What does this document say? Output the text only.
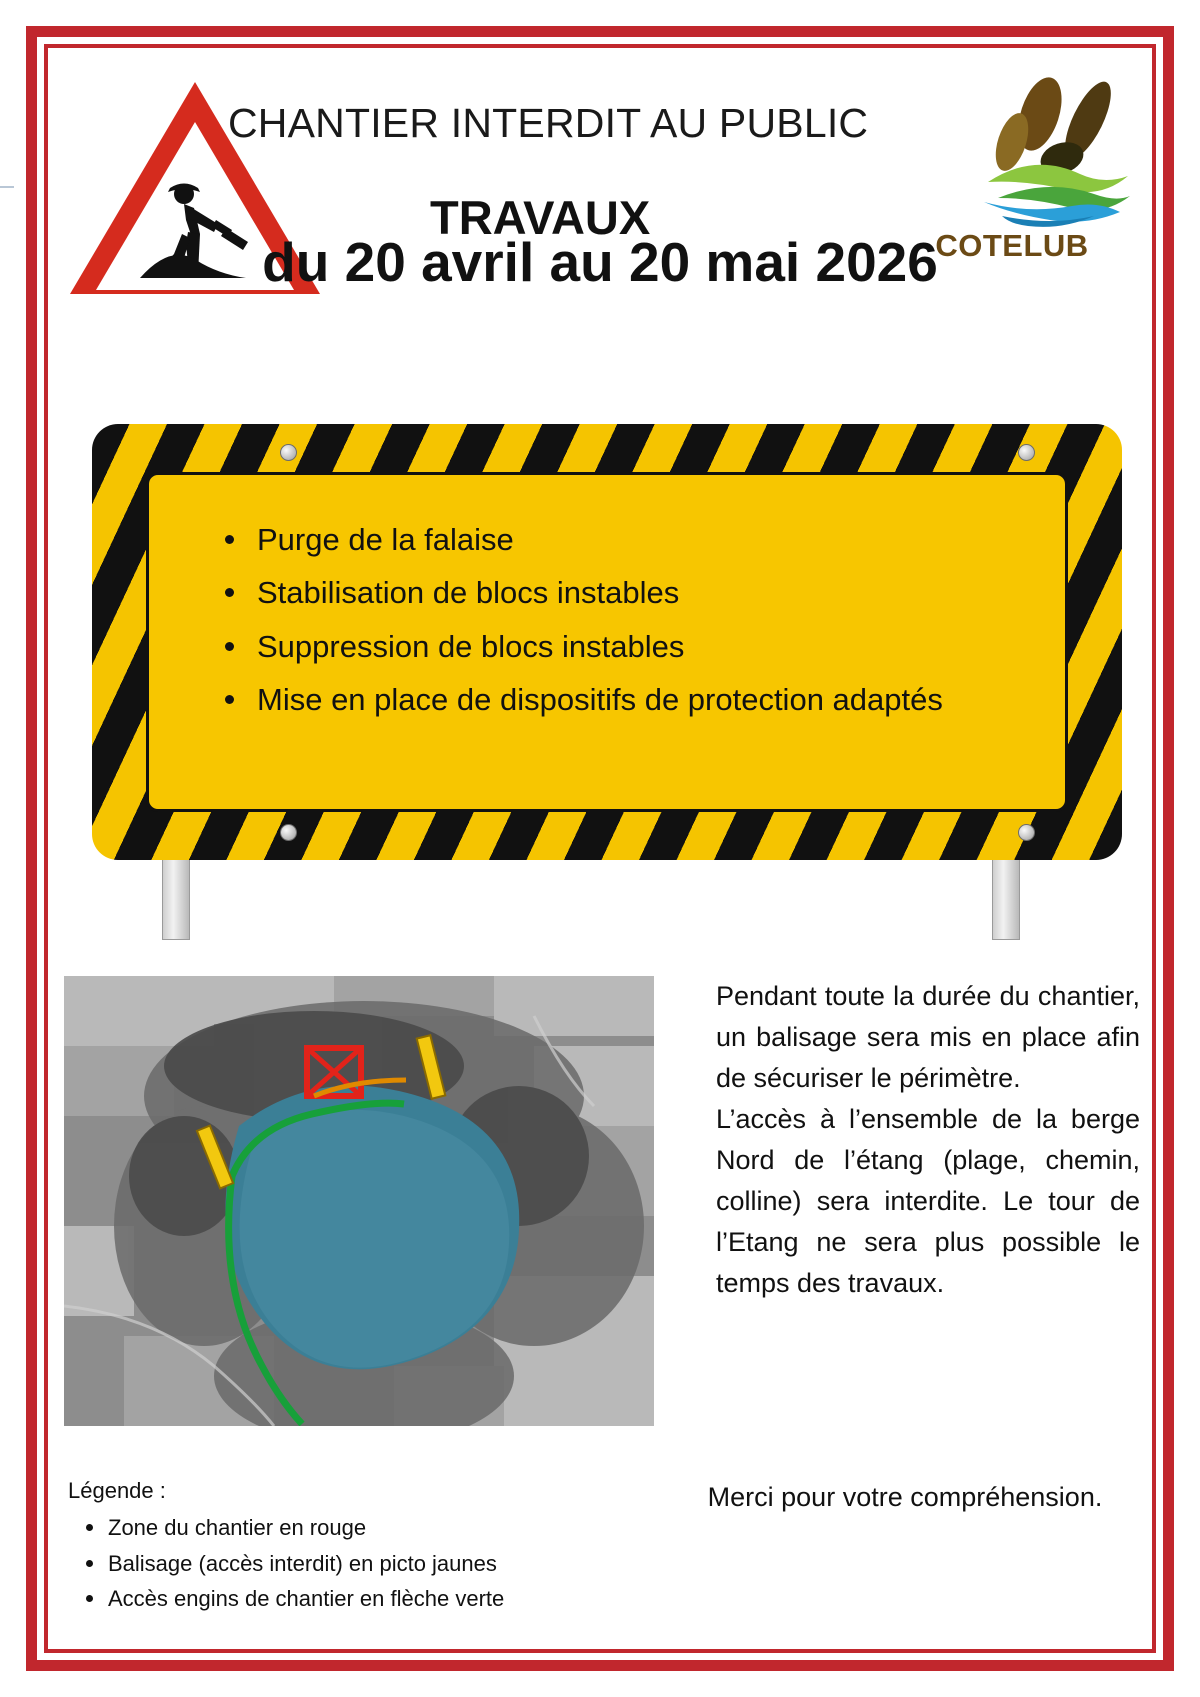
CHANTIER INTERDIT AU PUBLIC
TRAVAUX
COTELUB
du 20 avril au 20 mai 2026
Purge de la falaise
Stabilisation de blocs instables
Suppression de blocs instables
Mise en place de dispositifs de protection adaptés

Pendant toute la durée du chantier, un balisage sera mis en place afin de sécuriser le périmètre.

L’accès à l’ensemble de la berge Nord de l’étang (plage, chemin, colline) sera interdite. Le tour de l’Etang ne sera plus possible le temps des travaux.

Merci pour votre compréhension.

Légende :

Zone du chantier en rouge
Balisage (accès interdit) en picto jaunes
Accès engins de chantier en flèche verte
